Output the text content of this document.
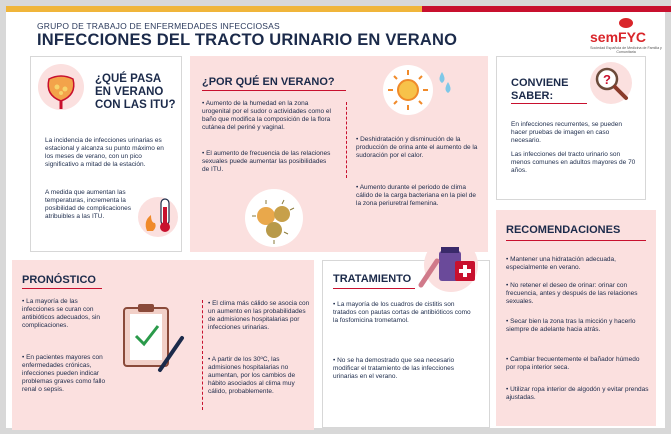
GRUPO DE TRABAJO DE ENFERMEDADES INFECCIOSAS
INFECCIONES DEL TRACTO URINARIO EN VERANO	semFYC
Sociedad Española de Medicina de Familia y Comunitaria
¿QUÉ PASA EN VERANO CON LAS ITU?
La incidencia de infecciones urinarias es estacional y alcanza su punto máximo en los meses de verano, con un pico significativo a mitad de la estación.
A medida que aumentan las temperaturas, incrementa la posibilidad de complicaciones atribuibles a las ITU.
¿POR QUÉ EN VERANO?
• Aumento de la humedad en la zona urogenital por el sudor o actividades como el baño que modifica la composición de la flora cutánea del periné y vaginal.
• El aumento de frecuencia de las relaciones sexuales puede aumentar las posibilidades de ITU.
• Deshidratación y disminución de la producción de orina ante el aumento de la sudoración por el calor.
• Aumento durante el periodo de clima cálido de la carga bacteriana en la piel de la zona periuretral femenina.
CONVIENE SABER:
?
En infecciones recurrentes, se pueden hacer pruebas de imagen en caso necesario.
Las infecciones del tracto urinario son menos comunes en adultos mayores de 70 años.
PRONÓSTICO
• La mayoría de las infecciones se curan con antibióticos adecuados, sin complicaciones.
• En pacientes mayores con enfermedades crónicas, infecciones pueden indicar problemas graves como fallo renal o sepsis.
• El clima más cálido se asocia con un aumento en las probabilidades de admisiones hospitalarias por infecciones urinarias.
• A partir de los 30ºC, las admisiones hospitalarias no aumentan, por los cambios de hábito asociados al clima muy cálido, probablemente.
TRATAMIENTO
• La mayoría de los cuadros de cistitis son tratados con pautas cortas de antibióticos como la fosfomicina trometamol.
• No se ha demostrado que sea necesario modificar el tratamiento de las infecciones urinarias en el verano.
RECOMENDACIONES
• Mantener una hidratación adecuada, especialmente en verano.
• No retener el deseo de orinar: orinar con frecuencia, antes y después de las relaciones sexuales.
• Secar bien la zona tras la micción y hacerlo siempre de adelante hacia atrás.
• Cambiar frecuentemente el bañador húmedo por ropa interior seca.
• Utilizar ropa interior de algodón y evitar prendas ajustadas.
